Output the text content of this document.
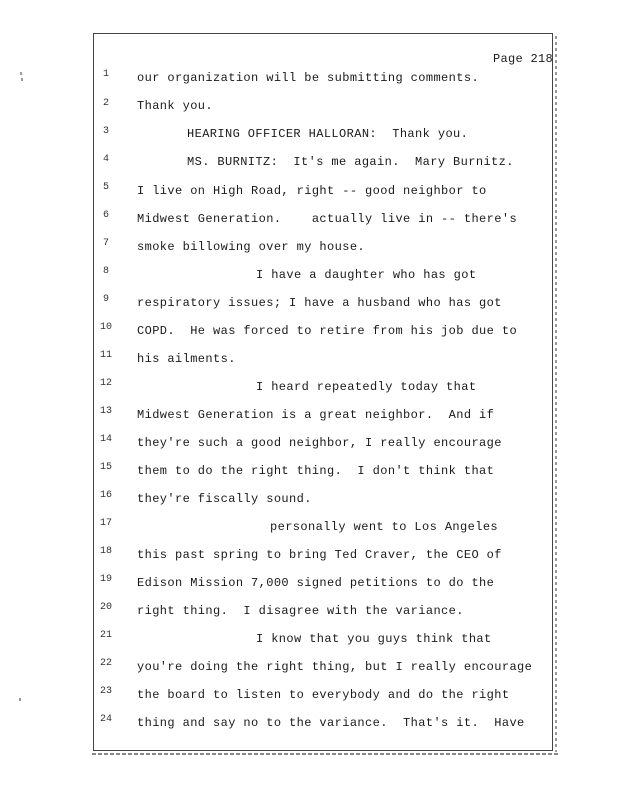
Page 218
1	our organization will be submitting comments.
2	Thank you.
3	HEARING OFFICER HALLORAN:  Thank you.
4	MS. BURNITZ:  It's me again.  Mary Burnitz.
5	I live on High Road, right -- good neighbor to
6	Midwest Generation.    actually live in -- there's
7	smoke billowing over my house.
8	I have a daughter who has got
9	respiratory issues; I have a husband who has got
10	COPD.  He was forced to retire from his job due to
11	his ailments.
12	I heard repeatedly today that
13	Midwest Generation is a great neighbor.  And if
14	they're such a good neighbor, I really encourage
15	them to do the right thing.  I don't think that
16	they're fiscally sound.
17	personally went to Los Angeles
18	this past spring to bring Ted Craver, the CEO of
19	Edison Mission 7,000 signed petitions to do the
20	right thing.  I disagree with the variance.
21	I know that you guys think that
22	you're doing the right thing, but I really encourage
23	the board to listen to everybody and do the right
24	thing and say no to the variance.  That's it.  Have
